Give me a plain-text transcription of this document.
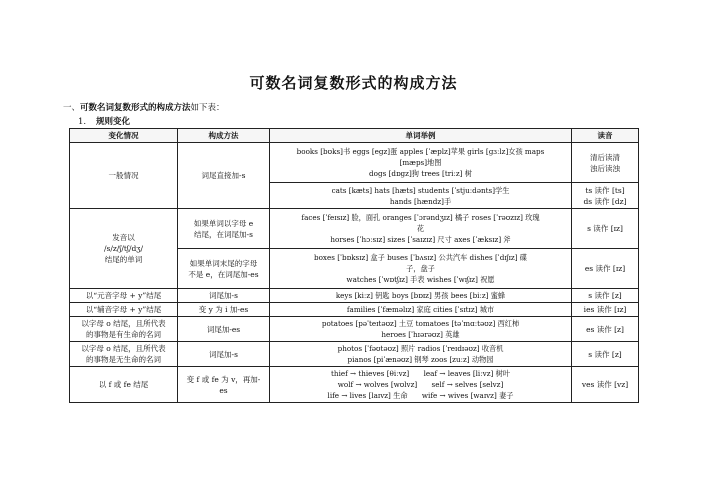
可数名词复数形式的构成方法
一、可数名词复数形式的构成方法如下表：
1. 规则变化
变化情况	构成方法	单词举例	读音
一般情况	词尾直接加-s	books [bʊks]书 eggs [egz]蛋 apples [ˈæplz]苹果 girls [ɡɜːlz]女孩 maps
[mæps]地图
dogs [dɒgz]狗 trees [triːz] 树	清后读清
浊后读浊

		cats [kæts] hats [hæts] students [ˈstjuːdənts]学生
hands [hændz]手	ts 读作 [ts]
ds 读作 [dz]

发音以
/s/z/ʃ/tʃ/dʒ/
结尾的单词	如果单词以字母 e
结尾，在词尾加-s	faces [ˈfeɪsɪz] 脸，面孔 oranges [ˈɔrəndʒɪz] 橘子 roses [ˈrəʊzɪz] 玫瑰
花
horses [ˈhɔːsɪz] sizes [ˈsaɪzɪz] 尺寸 axes [ˈæksɪz] 斧	s 读作 [ɪz]

	如果单词末尾的字母
不是 e，在词尾加-es	boxes [ˈbɒksɪz] 盒子 buses [ˈbʌsɪz] 公共汽车 dishes [ˈdɪʃɪz] 碟
子，盘子
watches [ˈwɒtʃɪz] 手表 wishes [ˈwɪʃɪz] 祝愿	es 读作 [ɪz]
以“元音字母 + y”结尾	词尾加-s	keys [kiːz] 钥匙 boys [bɒɪz] 男孩 bees [biːz] 蜜蜂	s 读作 [z]
以“辅音字母 + y”结尾	变 y 为 i 加-es	families [ˈfæməlɪz] 家庭 cities [ˈsɪtɪz] 城市	ies 读作 [ɪz]

以字母 o 结尾，且所代表
的事物是有生命的名词	词尾加-es	potatoes [pəˈteɪtəʊz] 土豆 tomatoes [təˈmɑːtəʊz] 西红柿
heroes [ˈhɪərəʊz] 英雄	es 读作 [z]

以字母 o 结尾，且所代表
的事物是无生命的名词	词尾加-s	photos [ˈfəʊtəʊz] 照片 radios [ˈreɪdɪəʊz] 收音机
pianos [piˈænəʊz] 钢琴 zoos [zuːz] 动物园	s 读作 [z]
以 f 或 fe 结尾	变 f 或 fe 为 v，再加-
es	thief → thieves [θiːvz]　　leaf → leaves [liːvz] 树叶
wolf → wolves [wʊlvz]　　self → selves [selvz]
life → lives [laɪvz] 生命　　wife → wives [waɪvz] 妻子	ves 读作 [vz]
